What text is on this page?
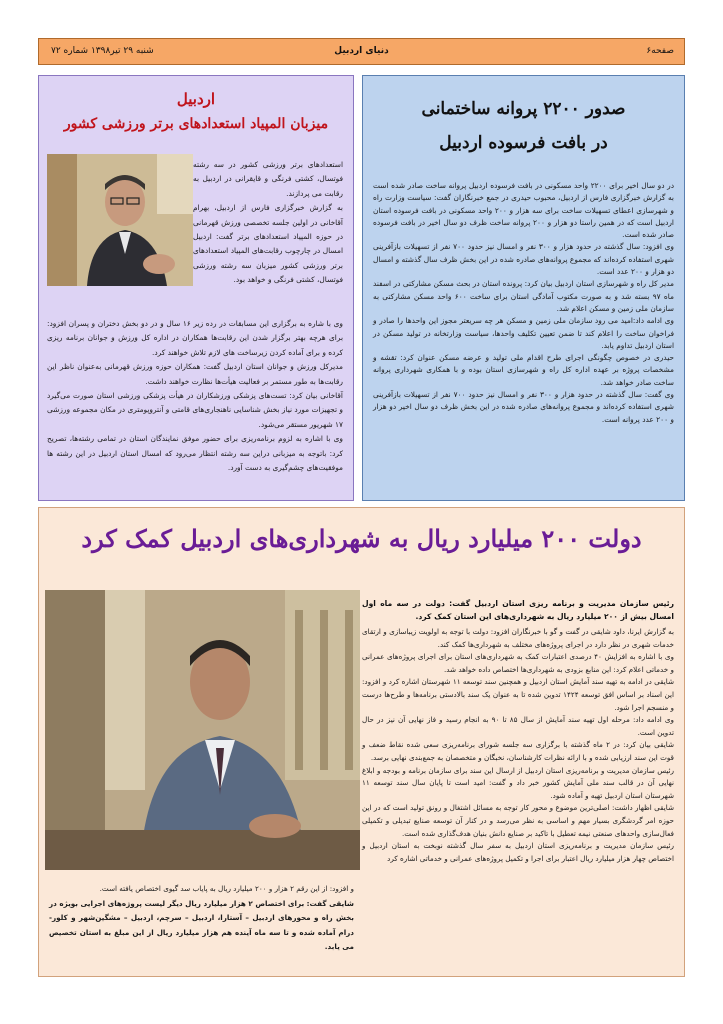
صفحه۶
دنیای اردبیل
شنبه ۲۹ تیر۱۳۹۸ شماره ۷۲
صدور ۲۲۰۰ پروانه ساختمانی
در بافت فرسوده اردبیل

در دو سال اخیر برای ۲۲۰۰ واحد مسکونی در بافت فرسوده اردبیل پروانه ساخت صادر شده است به گزارش خبرگزاری فارس از اردبیل، محبوب حیدری در جمع خبرنگاران گفت: سیاست وزارت راه و شهرسازی اعطای تسهیلات ساخت برای سه هزار و ۲۰۰ واحد مسکونی در بافت فرسوده استان اردبیل است که در همین راستا دو هزار و ۲۰۰ پروانه ساخت ظرف دو سال اخیر در بافت فرسوده صادر شده است.

وی افزود: سال گذشته در حدود هزار و ۳۰۰ نفر و امسال نیز حدود ۷۰۰ نفر از تسهیلات بازآفرینی شهری استفاده کرده‌اند که مجموع پروانه‌های صادره شده در این بخش ظرف سال گذشته و امسال دو هزار و ۲۰۰ عدد است.

مدیر کل راه و شهرسازی استان اردبیل بیان کرد: پرونده استان در بحث مسکن مشارکتی در اسفند ماه ۹۷ بسته شد و به صورت مکتوب آمادگی استان برای ساخت ۶۰۰ واحد مسکن مشارکتی به سازمان ملی زمین و مسکن اعلام شد.

وی ادامه داد:امید می رود سازمان ملی زمین و مسکن هر چه سریعتر مجوز این واحدها را صادر و فراخوان ساخت را اعلام کند تا ضمن تعیین تکلیف واحدها، سیاست وزارتخانه در تولید مسکن در استان اردبیل تداوم یابد.

حیدری در خصوص چگونگی اجرای طرح اقدام ملی تولید و عرضه مسکن عنوان کرد: تقشه و مشخصات پروژه بر عهده اداره کل راه و شهرسازی استان بوده و با همکاری شهرداری پروانه ساخت صادر خواهد شد.

وی گفت: سال گذشته در حدود هزار و ۳۰۰ نفر و امسال نیز حدود ۷۰۰ نفر از تسهیلات بازآفرینی شهری استفاده کرده‌اند و مجموع پروانه‌های صادره شده در این بخش ظرف دو سال اخیر دو هزار و ۲۰۰ عدد پروانه است.

اردبیل
میزبان المپیاد استعدادهای برتر ورزشی کشور

استعدادهای برتر ورزشی کشور در سه رشته فوتسال، کشتی فرنگی و قایقرانی در اردبیل به رقابت می پردازند.

به گزارش خبرگزاری فارس از اردبیل، بهرام آقاخانی در اولین جلسه تخصصی ورزش قهرمانی در حوزه المپیاد استعدادهای برتر گفت: اردبیل امسال در چارچوب رقابت‌های المپیاد استعدادهای برتر ورزشی کشور میزبان سه رشته ورزشی فوتسال، کشتی فرنگی و خواهد بود.

وی با شاره به برگزاری این مسابقات در رده زیر ۱۶ سال و در دو بخش دختران و پسران افزود: برای هرچه بهتر برگزار شدن این رقابت‌ها همکاران در اداره کل ورزش و جوانان برنامه ریزی کرده و برای آماده کردن زیرساخت های لازم تلاش خواهند کرد.

مدیرکل ورزش و جوانان استان اردبیل گفت: همکاران حوزه ورزش قهرمانی به‌عنوان ناظر این رقابت‌ها به طور مستمر بر فعالیت هیأت‌ها نظارت خواهند داشت.

آقاخانی بیان کرد: تست‌های پزشکی ورزشکاران در هیأت پزشکی ورزشی استان صورت می‌گیرد و تجهیزات مورد نیاز بخش شناسایی ناهنجاری‌های قامتی و آنتروپومتری در مکان مجموعه ورزشی ۱۷ شهریور مستقر می‌شود.

وی با اشاره به لزوم برنامه‌ریزی برای حضور موفق نمایندگان استان در تمامی رشته‌ها، تصریح کرد: باتوجه به میزبانی دراین سه رشته انتظار می‌رود که امسال استان اردبیل در این رشته ها موفقیت‌های چشم‌گیری به دست آورد.

دولت ۲۰۰ میلیارد ریال به شهرداری‌های اردبیل کمک کرد
رئیس سازمان مدیریت و برنامه ریزی استان اردبیل گفت: دولت در سه ماه اول امسال بیش از ۲۰۰ میلیارد ریال به شهرداری‌های این استان کمک کرد.

به گزارش ایرنا، داود شایقی در گفت و گو با خبرنگاران افزود: دولت با توجه به اولویت زیباسازی و ارتقای خدمات شهری در نظر دارد در اجرای پروژه‌های مختلف به شهرداری‌ها کمک کند.

وی با اشاره به افزایش ۴۰ درصدی اعتبارات کمک به شهرداری‌های استان برای اجرای پروژه‌های عمرانی و خدماتی اعلام کرد: این منابع بزودی به شهرداری‌ها اختصاص داده خواهد شد.

شایقی در ادامه به تهیه سند آمایش استان اردبیل و همچنین سند توسعه ۱۱ شهرستان اشاره کرد و افزود: این اسناد بر اساس افق توسعه ۱۴۲۴ تدوین شده تا به عنوان یک سند بالادستی برنامه‌ها و طرح‌ها درست و منسجم اجرا شود.

وی ادامه داد: مرحله اول تهیه سند آمایش از سال ۸۵ تا ۹۰ به انجام رسید و فاز نهایی آن نیز در حال تدوین است.

شایقی بیان کرد: در ۲ ماه گذشته با برگزاری سه جلسه شورای برنامه‌ریزی سعی شده نقاط ضعف و قوت این سند ارزیابی شده و با ارائه نظرات کارشناسان، نخبگان و متخصصان به جمع‌بندی نهایی برسد.

رئیس سازمان مدیریت و برنامه‌ریزی استان اردبیل از ارسال این سند برای سازمان برنامه و بودجه و ابلاغ نهایی آن در قالب سند ملی آمایش کشور خبر داد و گفت: امید است تا پایان سال سند توسعه ۱۱ شهرستان استان اردبیل تهیه و آماده شود.

شایقی اظهار داشت: اصلی‌ترین موضوع و محور کار توجه به مسائل اشتغال و رونق تولید است که در این حوزه امر گردشگری بسیار مهم و اساسی به نظر می‌رسد و در کنار آن توسعه صنایع تبدیلی و تکمیلی فعال‌سازی واحدهای صنعتی نیمه تعطیل با تاکید بر صنایع دانش بنیان هدف‌گذاری شده است.

رئیس سازمان مدیریت و برنامه‌ریزی استان اردبیل به سفر سال گذشته نوبخت به استان اردبیل و اختصاص چهار هزار میلیارد ریال اعتبار برای اجرا و تکمیل پروژه‌های عمرانی و خدماتی اشاره کرد

و افزود: از این رقم ۲ هزار و ۲۰۰ میلیارد ریال به پایاب سد گیوی اختصاص یافته است.

شایقی گفت: برای اختصاص ۲ هزار میلیارد ریال دیگر لیست پروژه‌های اجرایی بویژه در بخش راه و محورهای اردبیل – آستارا، اردبیل – سرچم، اردبیل – مشگین‌شهر و کلور- درام آماده شده و تا سه ماه آینده هم هزار میلیارد ریال از این مبلغ به استان تخصیص می یابد.
